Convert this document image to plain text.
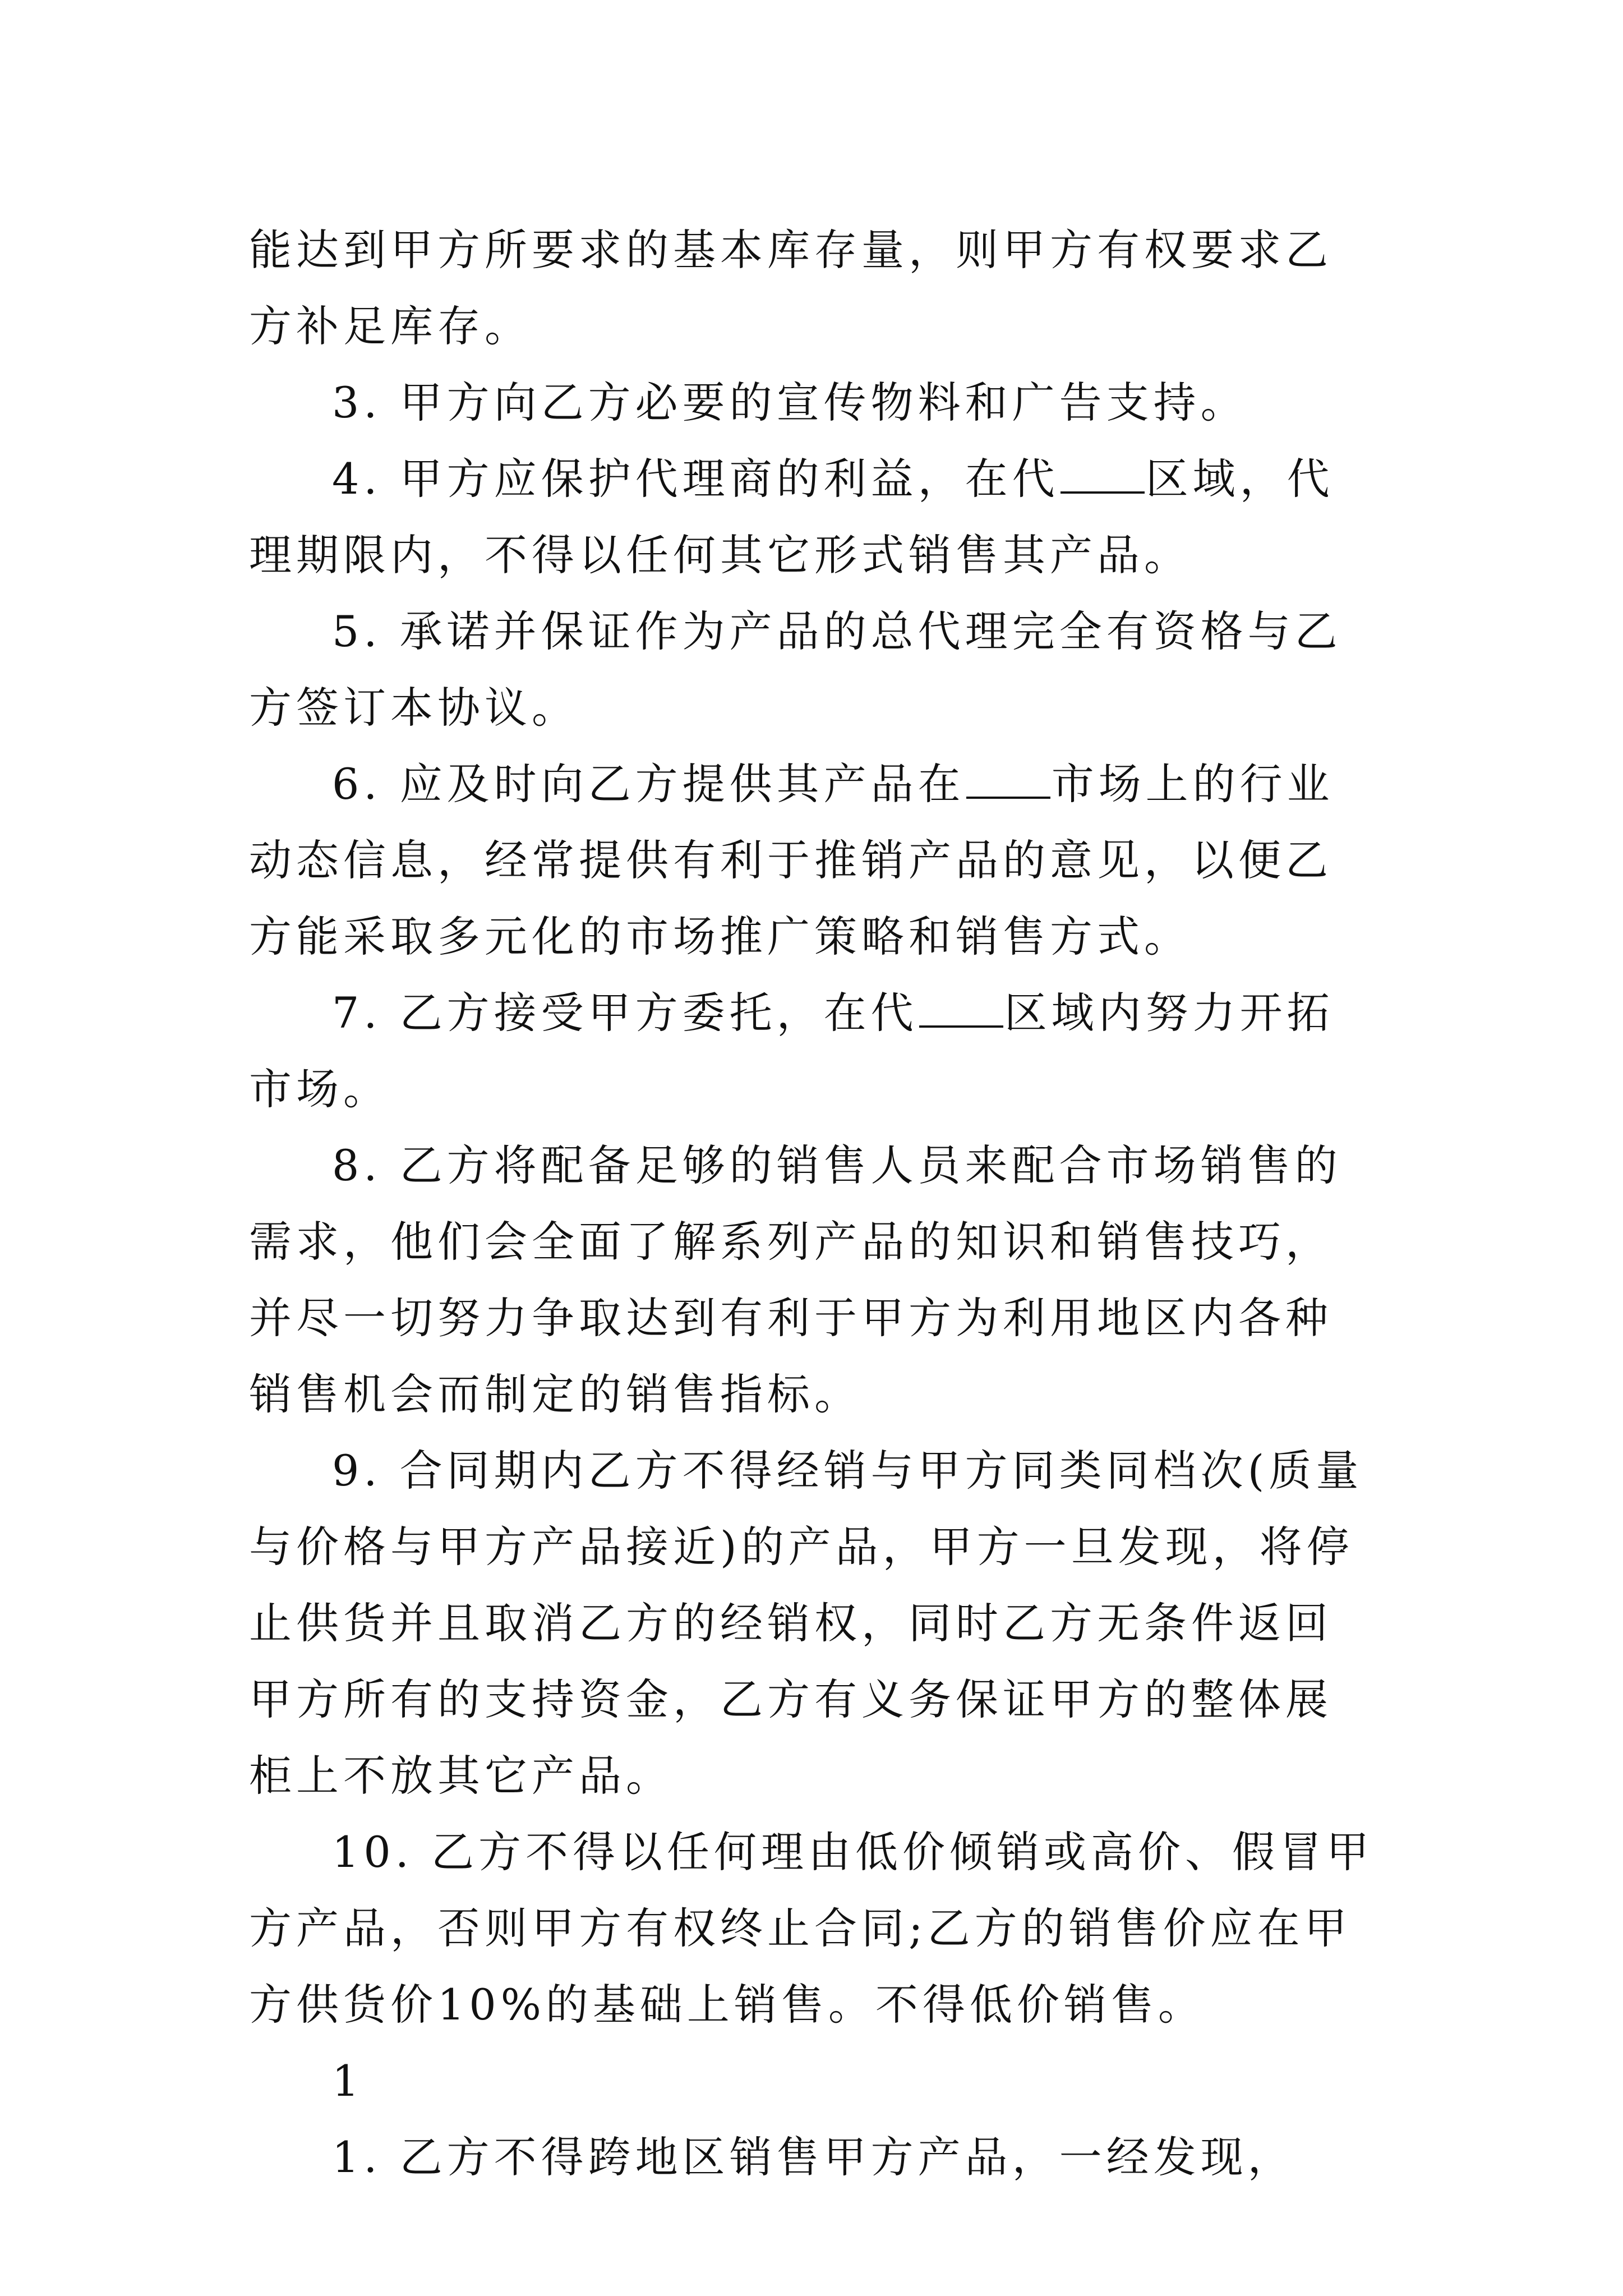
能达到甲方所要求的基本库存量，则甲方有权要求乙方补足库存。

3. 甲方向乙方必要的宣传物料和广告支持。

4. 甲方应保护代理商的利益，在代 区域，代理期限内，不得以任何其它形式销售其产品。

5. 承诺并保证作为产品的总代理完全有资格与乙方签订本协议。

6. 应及时向乙方提供其产品在 市场上的行业动态信息，经常提供有利于推销产品的意见，以便乙方能采取多元化的市场推广策略和销售方式。

7. 乙方接受甲方委托，在代 区域内努力开拓市场。

8. 乙方将配备足够的销售人员来配合市场销售的需求，他们会全面了解系列产品的知识和销售技巧，并尽一切努力争取达到有利于甲方为利用地区内各种销售机会而制定的销售指标。

9. 合同期内乙方不得经销与甲方同类同档次(质量与价格与甲方产品接近)的产品，甲方一旦发现，将停止供货并且取消乙方的经销权，同时乙方无条件返回甲方所有的支持资金，乙方有义务保证甲方的整体展柜上不放其它产品。

10. 乙方不得以任何理由低价倾销或高价、假冒甲方产品，否则甲方有权终止合同;乙方的销售价应在甲方供货价10%的基础上销售。不得低价销售。

1

1. 乙方不得跨地区销售甲方产品，一经发现，
